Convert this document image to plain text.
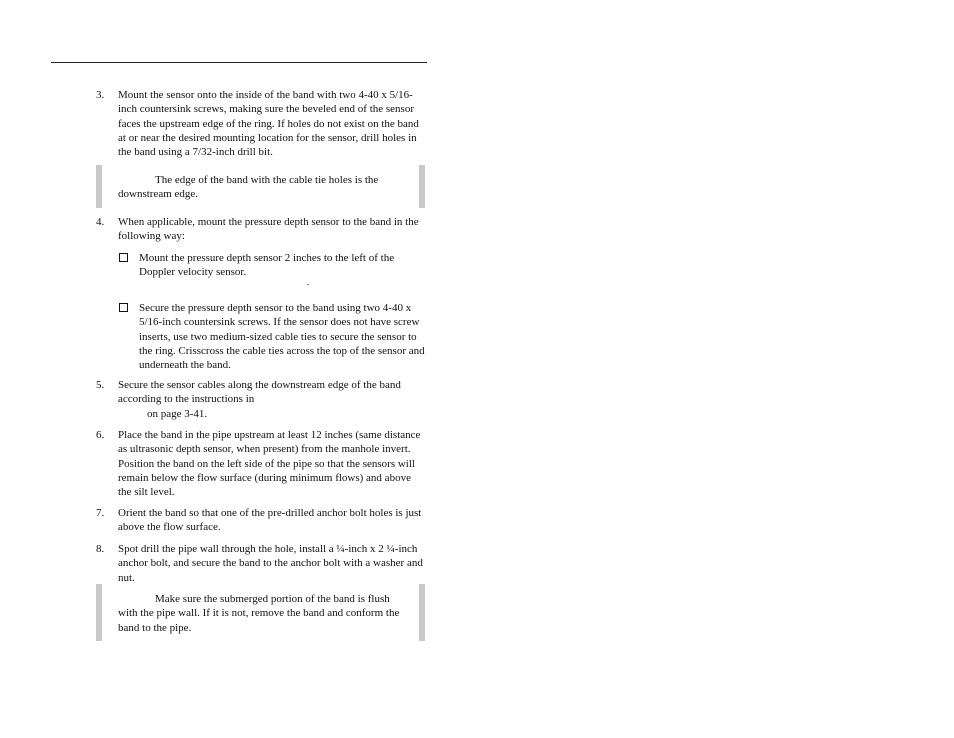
3. Mount the sensor onto the inside of the band with two 4-40 x 5/16-inch countersink screws, making sure the beveled end of the sensor faces the upstream edge of the ring. If holes do not exist on the band at or near the desired mounting location for the sensor, drill holes in the band using a 7/32-inch drill bit.
The edge of the band with the cable tie holes is the downstream edge.
4. When applicable, mount the pressure depth sensor to the band in the following way:
Mount the pressure depth sensor 2 inches to the left of the Doppler velocity sensor.
Secure the pressure depth sensor to the band using two 4-40 x 5/16-inch countersink screws. If the sensor does not have screw inserts, use two medium-sized cable ties to secure the sensor to the ring. Crisscross the cable ties across the top of the sensor and underneath the band.
5. Secure the sensor cables along the downstream edge of the band according to the instructions in
on page 3-41.
6. Place the band in the pipe upstream at least 12 inches (same distance as ultrasonic depth sensor, when present) from the manhole invert. Position the band on the left side of the pipe so that the sensors will remain below the flow surface (during minimum flows) and above the silt level.
7. Orient the band so that one of the pre-drilled anchor bolt holes is just above the flow surface.
8. Spot drill the pipe wall through the hole, install a ¼-inch x 2 ¼-inch anchor bolt, and secure the band to the anchor bolt with a washer and nut.
Make sure the submerged portion of the band is flush with the pipe wall. If it is not, remove the band and conform the band to the pipe.
